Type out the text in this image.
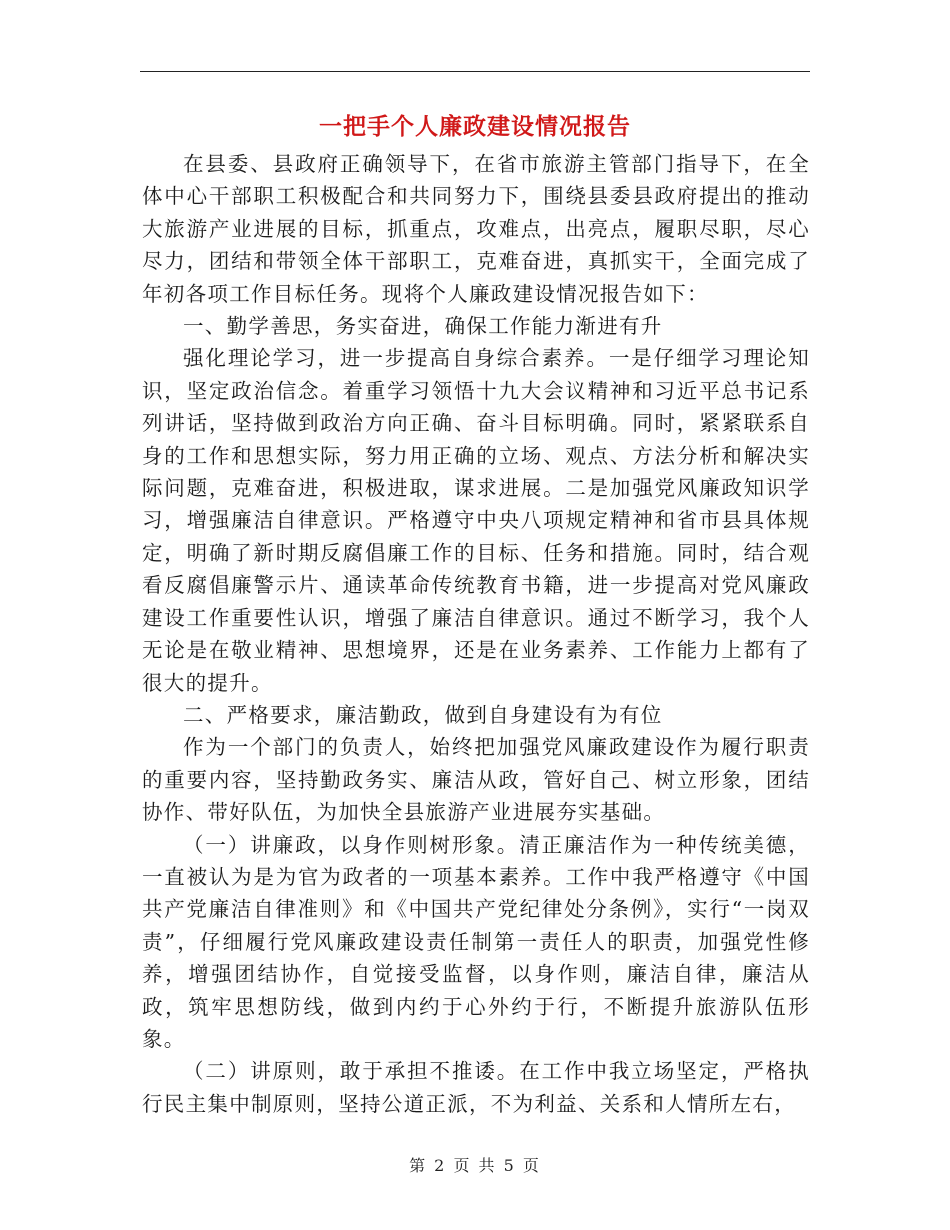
一把手个人廉政建设情况报告

在县委、县政府正确领导下，在省市旅游主管部门指导下，在全体中心干部职工积极配合和共同努力下，围绕县委县政府提出的推动大旅游产业进展的目标，抓重点，攻难点，出亮点，履职尽职，尽心尽力，团结和带领全体干部职工，克难奋进，真抓实干，全面完成了年初各项工作目标任务。现将个人廉政建设情况报告如下：

一、勤学善思，务实奋进，确保工作能力渐进有升

强化理论学习，进一步提高自身综合素养。一是仔细学习理论知识，坚定政治信念。着重学习领悟十九大会议精神和习近平总书记系列讲话，坚持做到政治方向正确、奋斗目标明确。同时，紧紧联系自身的工作和思想实际，努力用正确的立场、观点、方法分析和解决实际问题，克难奋进，积极进取，谋求进展。二是加强党风廉政知识学习，增强廉洁自律意识。严格遵守中央八项规定精神和省市县具体规定，明确了新时期反腐倡廉工作的目标、任务和措施。同时，结合观看反腐倡廉警示片、通读革命传统教育书籍，进一步提高对党风廉政建设工作重要性认识，增强了廉洁自律意识。通过不断学习，我个人无论是在敬业精神、思想境界，还是在业务素养、工作能力上都有了很大的提升。

二、严格要求，廉洁勤政，做到自身建设有为有位

作为一个部门的负责人，始终把加强党风廉政建设作为履行职责的重要内容，坚持勤政务实、廉洁从政，管好自己、树立形象，团结协作、带好队伍，为加快全县旅游产业进展夯实基础。

（一）讲廉政，以身作则树形象。清正廉洁作为一种传统美德，一直被认为是为官为政者的一项基本素养。工作中我严格遵守《中国共产党廉洁自律准则》和《中国共产党纪律处分条例》，实行“一岗双责”，仔细履行党风廉政建设责任制第一责任人的职责，加强党性修养，增强团结协作，自觉接受监督，以身作则，廉洁自律，廉洁从政，筑牢思想防线，做到内约于心外约于行，不断提升旅游队伍形象。

（二）讲原则，敢于承担不推诿。在工作中我立场坚定，严格执行民主集中制原则，坚持公道正派，不为利益、关系和人情所左右，

第 2 页 共 5 页
